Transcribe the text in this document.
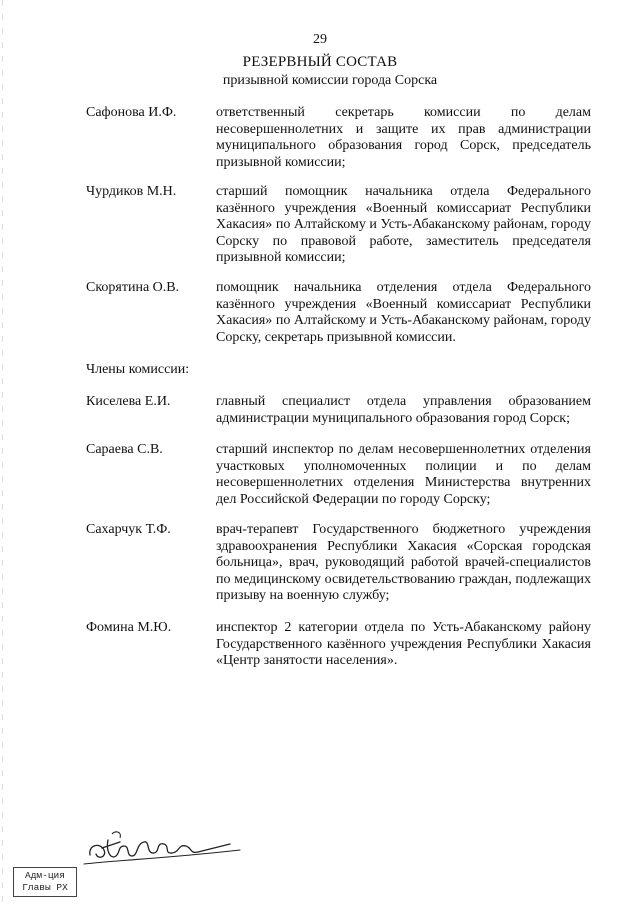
29
РЕЗЕРВНЫЙ СОСТАВ
призывной комиссии города Сорска
Сафонова И.Ф.	ответственный секретарь комиссии по делам несовершеннолетних и защите их прав администрации муниципального образования город Сорск, председатель призывной комиссии;
Чурдиков М.Н.	старший помощник начальника отдела Федерального казённого учреждения «Военный комиссариат Республики Хакасия» по Алтайскому и Усть-Абаканскому районам, городу Сорску по правовой работе, заместитель председателя призывной комиссии;
Скорятина О.В.	помощник начальника отделения отдела Федерального казённого учреждения «Военный комиссариат Республики Хакасия» по Алтайскому и Усть-Абаканскому районам, городу Сорску, секретарь призывной комиссии.
Члены комиссии:
Киселева Е.И.	главный специалист отдела управления образованием администрации муниципального образования город Сорск;
Сараева С.В.	старший инспектор по делам несовершеннолетних отделения участковых уполномоченных полиции и по делам несовершеннолетних отделения Министерства внутренних дел Российской Федерации по городу Сорску;
Сахарчук Т.Ф.	врач-терапевт Государственного бюджетного учреждения здравоохранения Республики Хакасия «Сорская городская больница», врач, руководящий работой врачей-специалистов по медицинскому освидетельствованию граждан, подлежащих призыву на военную службу;
Фомина М.Ю.	инспектор 2 категории отдела по Усть-Абаканскому району Государственного казённого учреждения Республики Хакасия «Центр занятости населения».
Адм-ция
Главы РХ
